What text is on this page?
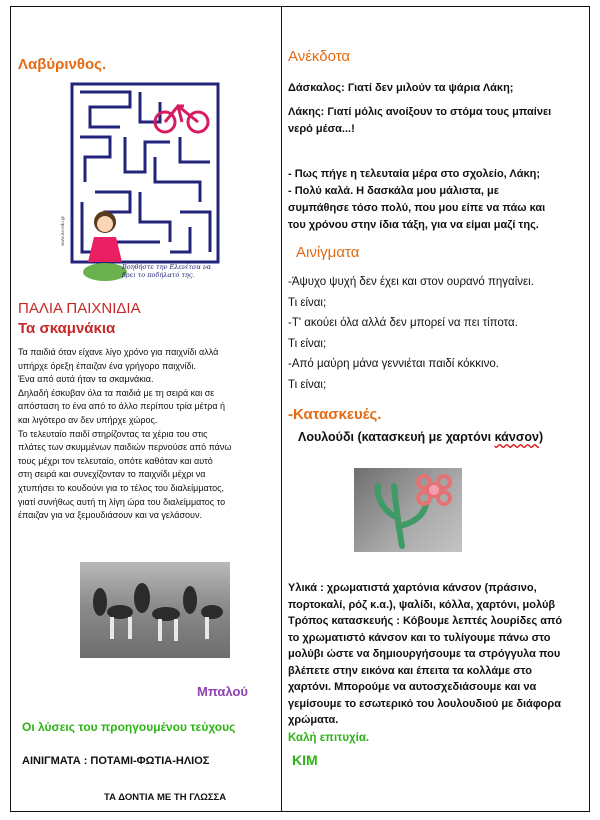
Λαβύρινθος.
Βοηθήστε την Ελενίτσα να βρει το ποδήλατό της.
www.ira-edu.gr
ΠΑΛΙΑ ΠΑΙΧΝΙΔΙΑ
Τα σκαμνάκια
Τα παιδιά όταν είχανε λίγο χρόνο για παιχνίδι αλλά
υπήρχε όρεξη έπαιζαν ένα γρήγορο παιχνίδι.
Ένα από αυτά ήταν τα σκαμνάκια.
Δηλαδή έσκυβαν όλα τα παιδιά με τη σειρά και σε
απόσταση το ένα από το άλλο περίπου τρία μέτρα ή
και λιγότερο αν δεν υπήρχε χώρος.
Το τελευταίο παιδί στηρίζοντας τα χέρια του στις
πλάτες των σκυμμένων παιδιών περνούσε από πάνω
τους μέχρι τον τελευταίο, οπότε καθόταν και αυτό
στη σειρά και συνεχίζονταν το παιχνίδι μέχρι να
χτυπήσει το κουδούνι για το τέλος του διαλείμματος,
γιατί συνήθως αυτή τη λίγη ώρα του διαλείμματος το
έπαιζαν για να ξεμουδιάσουν και να γελάσουν.
Μπαλού
Οι λύσεις του προηγουμένου τεύχους
ΑΙΝΙΓΜΑΤΑ : ΠΟΤΑΜΙ-ΦΩΤΙΑ-ΗΛΙΟΣ
ΤΑ ΔΟΝΤΙΑ ΜΕ ΤΗ ΓΛΩΣΣΑ
Ανέκδοτα
Δάσκαλος: Γιατί δεν μιλούν τα ψάρια Λάκη;
Λάκης: Γιατί μόλις ανοίξουν το στόμα τους μπαίνει
νερό μέσα...!
- Πως πήγε η τελευταία μέρα στο σχολείο, Λάκη;
- Πολύ καλά. Η δασκάλα μου μάλιστα, με
συμπάθησε τόσο πολύ, που μου είπε να πάω και
του χρόνου στην ίδια τάξη, για να είμαι μαζί της.
Αινίγματα
-Άψυχο ψυχή δεν έχει και στον ουρανό πηγαίνει.
Τι είναι;
-Τ' ακούει όλα αλλά δεν μπορεί να πει τίποτα.
Τι είναι;
-Από μαύρη μάνα γεννιέται παιδί κόκκινο.
Τι είναι;
-Κατασκευές.
Λουλούδι (κατασκευή με χαρτόνι κάνσον)
Υλικά : χρωματιστά χαρτόνια κάνσον (πράσινο,
πορτοκαλί, ρόζ κ.α.), ψαλίδι, κόλλα, χαρτόνι, μολύβ
Τρόπος κατασκευής : Κόβουμε λεπτές λουρίδες από
το χρωματιστό κάνσον και το τυλίγουμε πάνω στο
μολύβι ώστε να δημιουργήσουμε τα στρόγγυλα που
βλέπετε στην εικόνα και έπειτα τα κολλάμε στο
χαρτόνι. Μπορούμε να αυτοσχεδιάσουμε και να
γεμίσουμε το εσωτερικό του λουλουδιού με διάφορα
χρώματα.
Καλή επιτυχία.
ΚΙΜ
